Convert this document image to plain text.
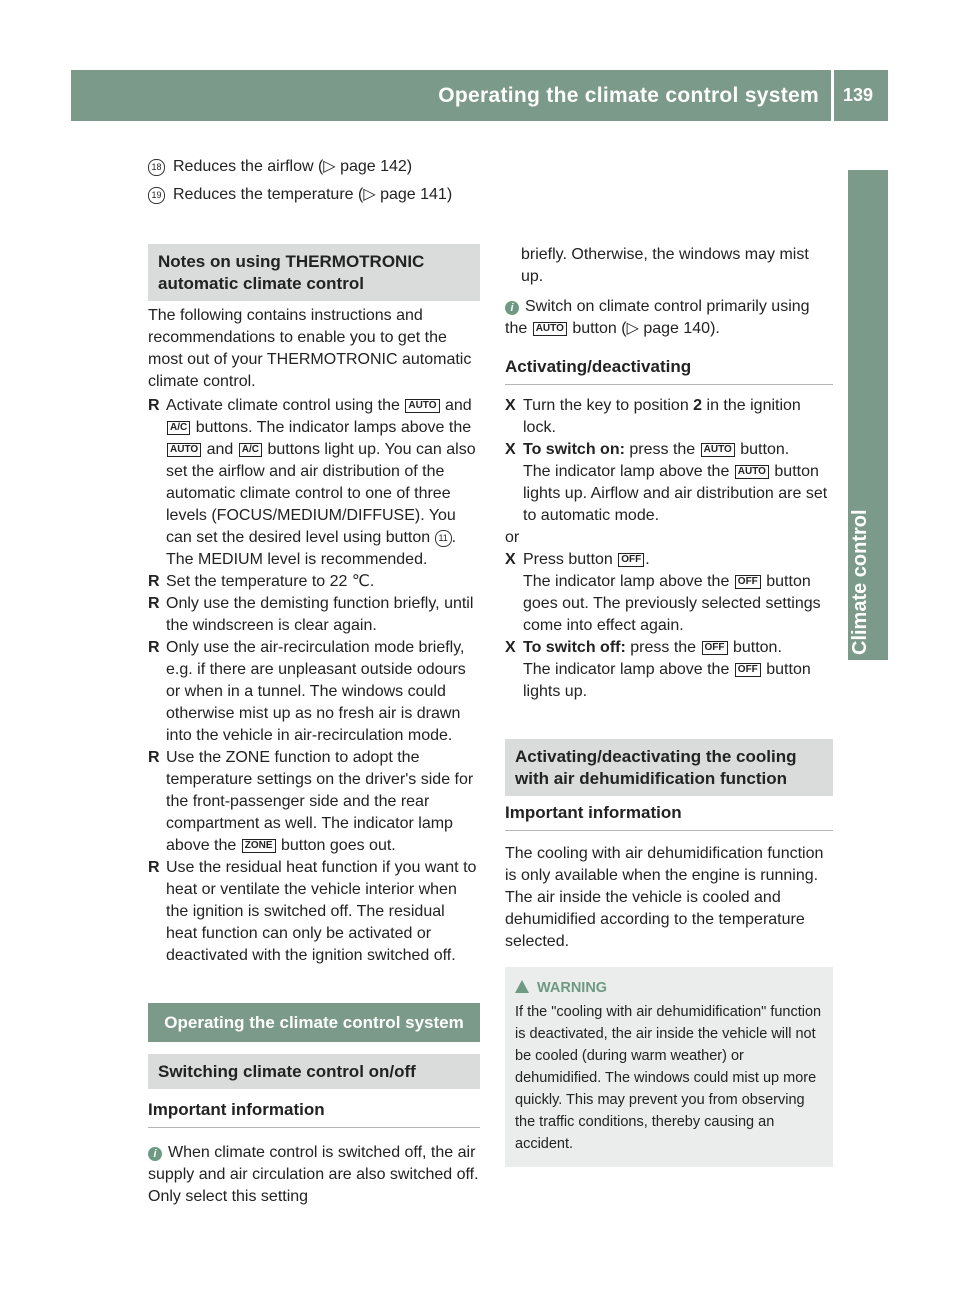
Operating the climate control system 139
Climate control

18 Reduces the airflow (▷ page 142)

19 Reduces the temperature (▷ page 141)

Notes on using THERMOTRONIC automatic climate control

The following contains instructions and recommendations to enable you to get the most out of your THERMOTRONIC automatic climate control.

R Activate climate control using the AUTO and A/C buttons. The indicator lamps above the AUTO and A/C buttons light up. You can also set the airflow and air distribution of the automatic climate control to one of three levels (FOCUS/MEDIUM/DIFFUSE). You can set the desired level using button 11 . The MEDIUM level is recommended.
R Set the temperature to 22 ℃.
R Only use the demisting function briefly, until the windscreen is clear again.
R Only use the air-recirculation mode briefly, e.g. if there are unpleasant outside odours or when in a tunnel. The windows could otherwise mist up as no fresh air is drawn into the vehicle in air-recirculation mode.
R Use the ZONE function to adopt the temperature settings on the driver's side for the front-passenger side and the rear compartment as well. The indicator lamp above the ZONE button goes out.
R Use the residual heat function if you want to heat or ventilate the vehicle interior when the ignition is switched off. The residual heat function can only be activated or deactivated with the ignition switched off.
Operating the climate control system
Switching climate control on/off
Important information

i When climate control is switched off, the air supply and air circulation are also switched off. Only select this setting

briefly. Otherwise, the windows may mist up.

i Switch on climate control primarily using the AUTO button (▷ page 140).

Activating/deactivating
X Turn the key to position 2 in the ignition lock.
X To switch on: press the AUTO button.
The indicator lamp above the AUTO button lights up. Airflow and air distribution are set to automatic mode.

or

X Press button OFF .
The indicator lamp above the OFF button goes out. The previously selected settings come into effect again.
X To switch off: press the OFF button.
The indicator lamp above the OFF button lights up.
Activating/deactivating the cooling with air dehumidification function
Important information

The cooling with air dehumidification function is only available when the engine is running. The air inside the vehicle is cooled and dehumidified according to the temperature selected.

WARNING
If the "cooling with air dehumidification" function is deactivated, the air inside the vehicle will not be cooled (during warm weather) or dehumidified. The windows could mist up more quickly. This may prevent you from observing the traffic conditions, thereby causing an accident.
